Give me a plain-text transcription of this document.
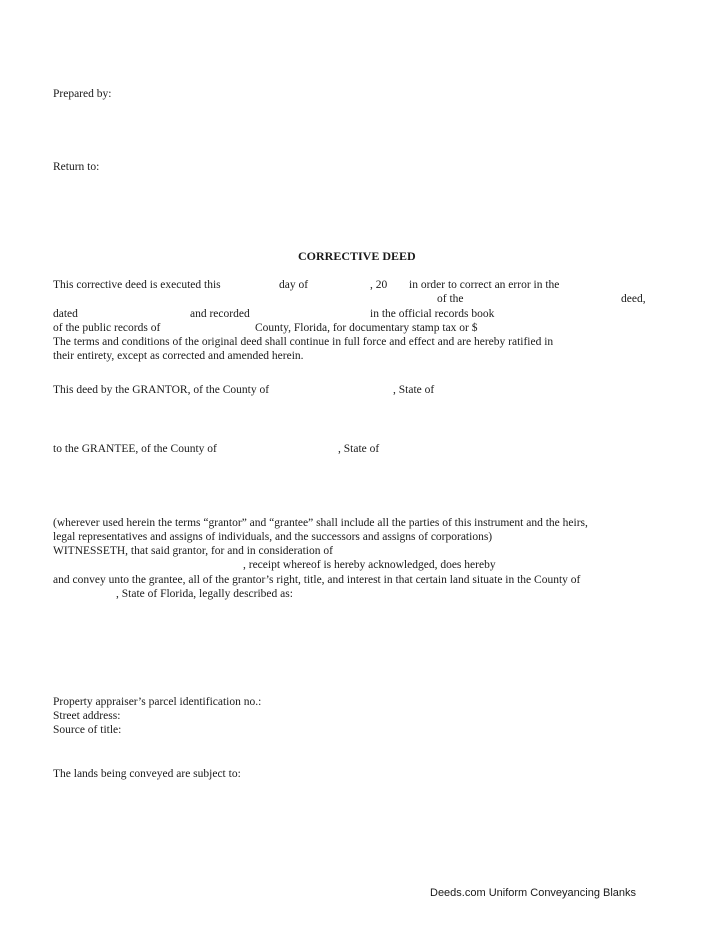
Prepared by:
Return to:
CORRECTIVE DEED
This corrective deed is executed this	day of	, 20 in order to correct an error in the
of the	deed,
dated	and recorded	in the official records book
of the public records of	County, Florida, for documentary stamp tax or $
The terms and conditions of the original deed shall continue in full force and effect and are hereby ratified in
their entirety, except as corrected and amended herein.
This deed by the GRANTOR, of the County of	, State of
to the GRANTEE, of the County of	, State of
(wherever used herein the terms “grantor” and “grantee” shall include all the parties of this instrument and the heirs,
legal representatives and assigns of individuals, and the successors and assigns of corporations)
WITNESSETH, that said grantor, for and in consideration of
, receipt whereof is hereby acknowledged, does hereby
and convey unto the grantee, all of the grantor’s right, title, and interest in that certain land situate in the County of
, State of Florida, legally described as:
Property appraiser’s parcel identification no.:
Street address:
Source of title:
The lands being conveyed are subject to:
Deeds.com Uniform Conveyancing Blanks
